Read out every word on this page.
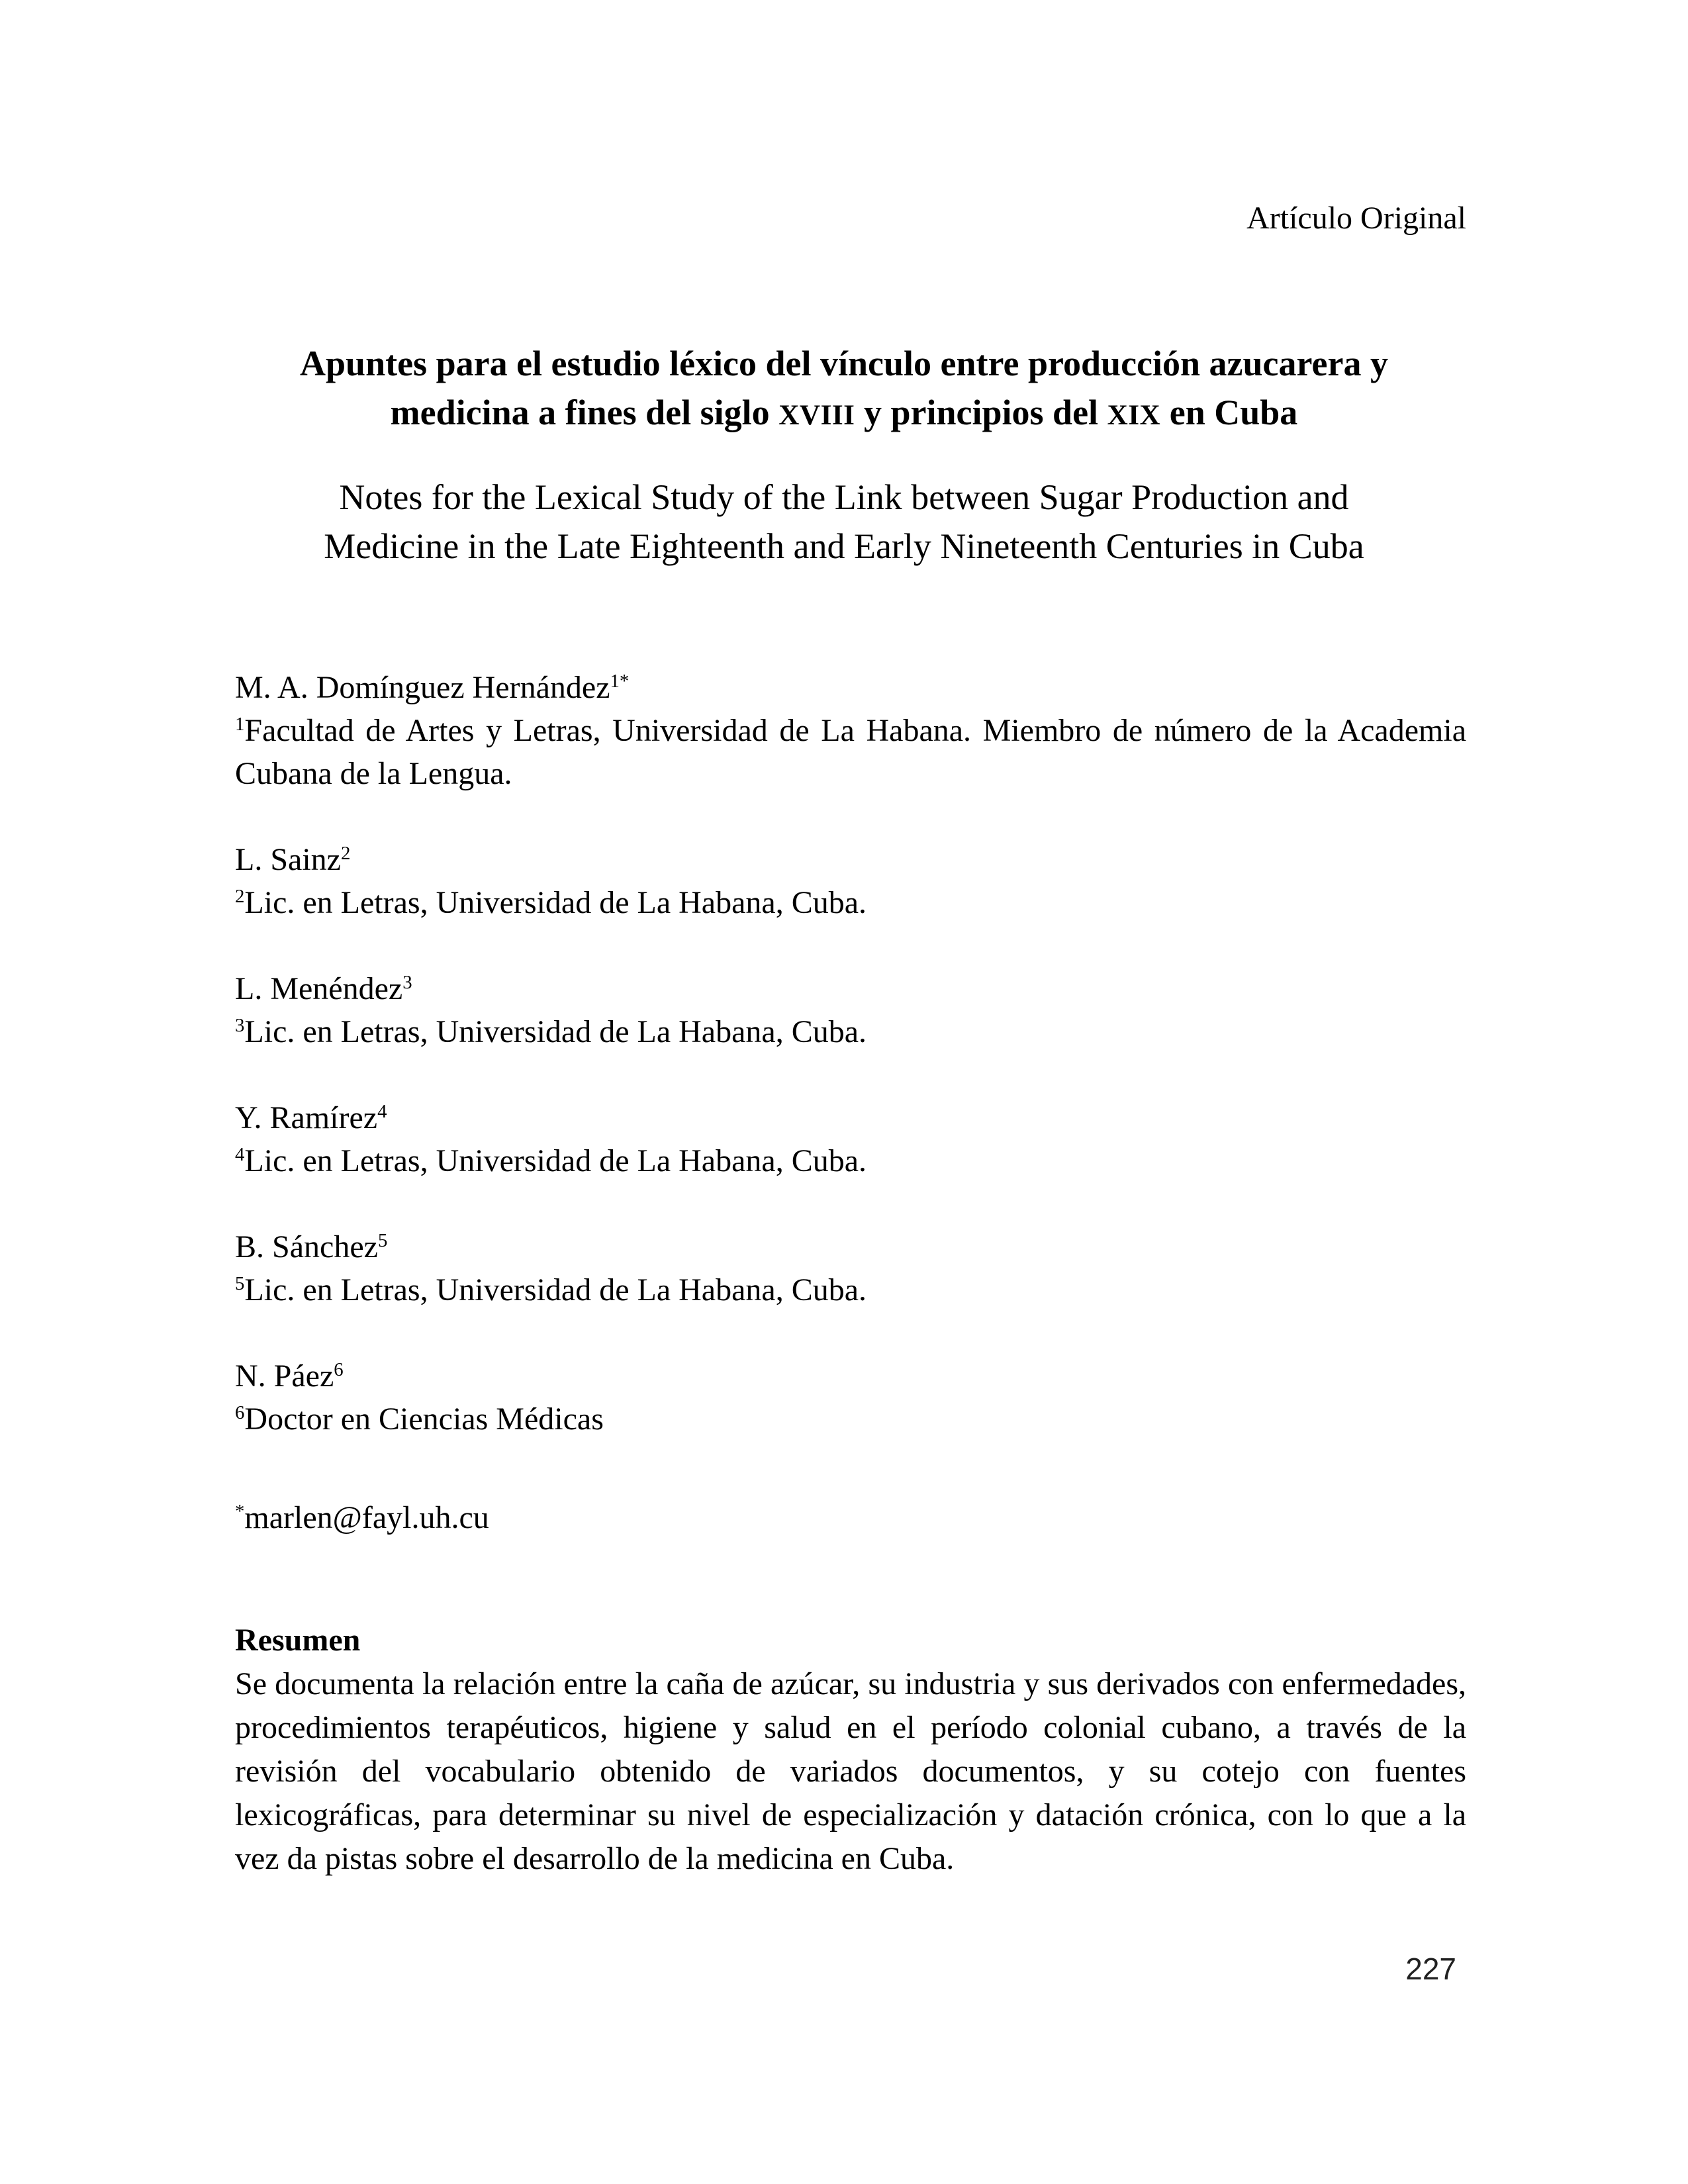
Artículo Original
Apuntes para el estudio léxico del vínculo entre producción azucarera y
medicina a fines del siglo XVIII y principios del XIX en Cuba
Notes for the Lexical Study of the Link between Sugar Production and
Medicine in the Late Eighteenth and Early Nineteenth Centuries in Cuba
M. A. Domínguez Hernández$^{1*}$
$^1$Facultad de Artes y Letras, Universidad de La Habana. Miembro de número de la Academia Cubana de la Lengua.
L. Sainz$^2$
$^2$Lic. en Letras, Universidad de La Habana, Cuba.
L. Menéndez$^3$
$^3$Lic. en Letras, Universidad de La Habana, Cuba.
Y. Ramírez$^4$
$^4$Lic. en Letras, Universidad de La Habana, Cuba.
B. Sánchez$^5$
$^5$Lic. en Letras, Universidad de La Habana, Cuba.
N. Páez$^6$
$^6$Doctor en Ciencias Médicas
*marlen@fayl.uh.cu
Resumen
Se documenta la relación entre la caña de azúcar, su industria y sus derivados con enfermedades, procedimientos terapéuticos, higiene y salud en el período colonial cubano, a través de la revisión del vocabulario obtenido de variados documentos, y su cotejo con fuentes lexicográficas, para determinar su nivel de especialización y datación crónica, con lo que a la vez da pistas sobre el desarrollo de la medicina en Cuba.
227
